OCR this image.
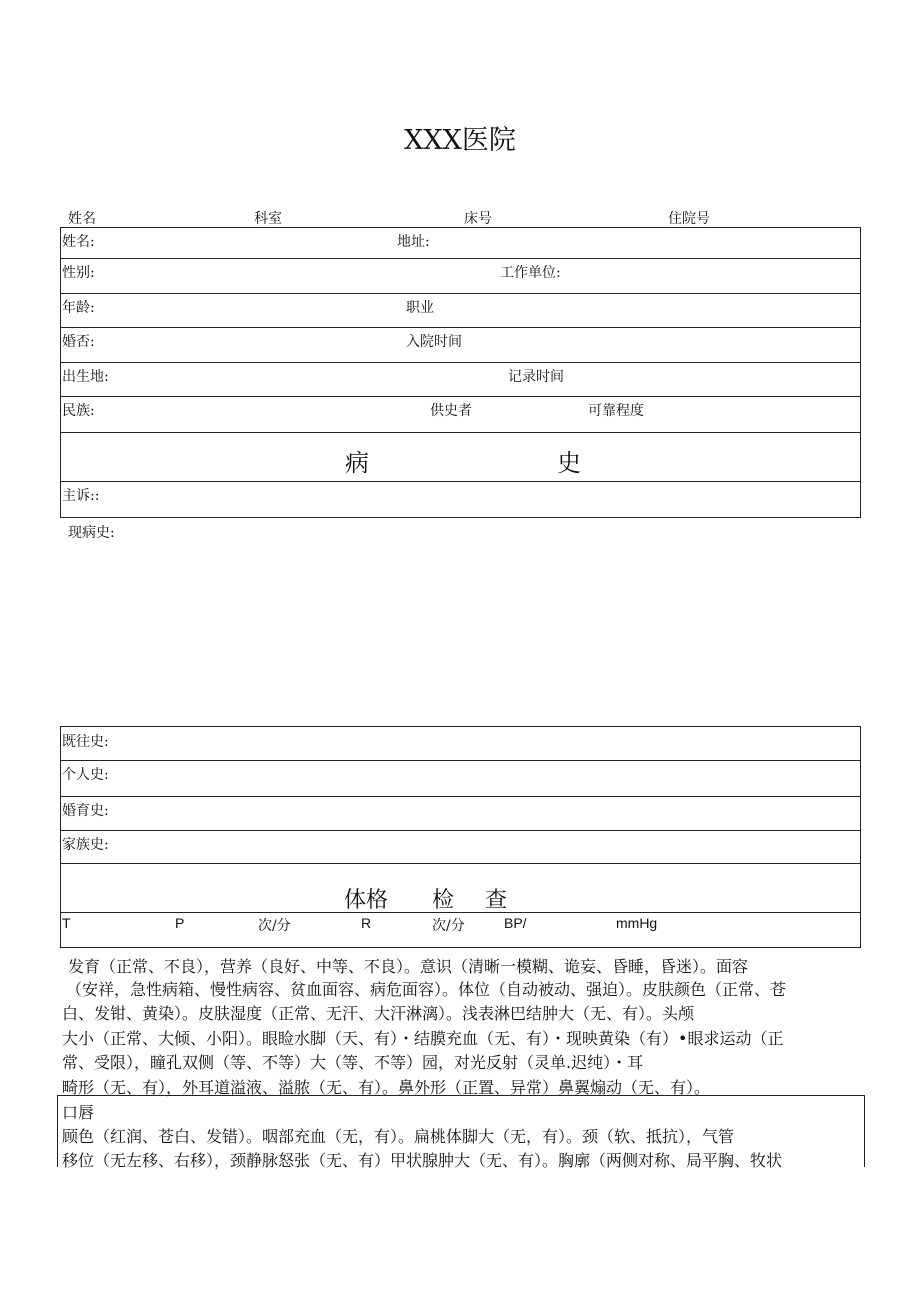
XXX医院
姓名	科室	床号	住院号
姓名:	地址:
性别:	工作单位:
年龄:	职业
婚否:	入院时间
出生地:	记录时间
民族:	供史者	可靠程度
病	史
主诉::
现病史:
既往史:
个人史:
婚育史:
家族史:
体格 检 查
T	P	次/分	R	次/分	BP/	mmHg
发育（正常、不良），营养（良好、中等、不良）。意识（清晰一模糊、诡妄、昏睡，昏迷）。面容
（安祥，急性病箱、慢性病容、贫血面容、病危面容）。体位（自动被动、强迫）。皮肤颜色（正常、苍
白、发钳、黄染）。皮肤湿度（正常、无汗、大汗淋漓）。浅表淋巴结肿大（无、有）。头颅
大小（正常、大倾、小阳）。眼睑水脚（天、有）・结膜充血（无、有）・现映黄染（有）•眼求运动（正
常、受限），瞳孔双侧（等、不等）大（等、不等）园，对光反射（灵单.迟纯）・耳
畸形（无、有），外耳道溢液、溢脓（无、有）。鼻外形（正置、异常）鼻翼煽动（无、有）。
口唇
顾色（红润、苍白、发错）。咽部充血（无，有）。扁桃体脚大（无，有）。颈（软、抵抗），气管
移位（无左移、右移），颈静脉怒张（无、有）甲状腺肿大（无、有）。胸廓（两侧对称、局平胸、牧状
